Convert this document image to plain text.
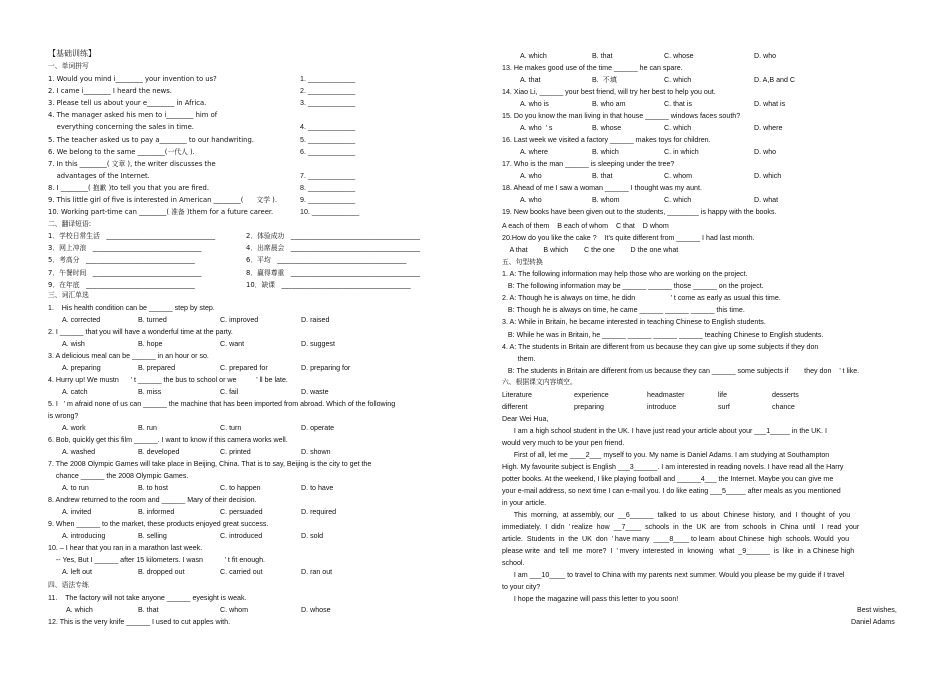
【基础训练】
一、单词拼写
1. Would you mind i________ your invention to us?	1. ____________
2. I came i________ I heard the news.	2. ____________
3. Please tell us about your e________ in Africa.	3. ____________
4. The manager asked his men to i________ him of
everything concerning the sales in time.	4. ____________
5. The teacher asked us to pay a________ to our handwriting.	5. ____________
6. We belong to the same ________(一代人 ).	6. ____________
7. In this ________( 文章 ), the writer discusses the
advantages of the Internet.	7. ____________
8. I ________( 抱歉 )to tell you that you are fired.	8. ____________
9. This little girl of five is interested in American ________(      文学 ).	9. ____________
10. Working part-time can ________( 准备 )them for a future career.	10. ____________
二、翻译短语:
1．学校日常生活   ________________________________	2．体验成功   ______________________________________
3．网上冲浪   ________________________________	4．出席晨会   ______________________________________
5．考高分   ________________________________	6．平均   ______________________________________
7．午餐时间   ________________________________	8．赢得尊重   ______________________________________
9．在年底   ________________________________	10．缺课   ______________________________________
三、词汇单选
1.    His health condition can be ______ step by step.
A. corrected	B. turned	C. improved	D. raised
2. I ______ that you will have a wonderful time at the party.
A. wish	B. hope	C. want	D. suggest
3. A delicious meal can be ______ in an hour or so.
A. preparing	B. prepared	C. prepared for	D. preparing for
4. Hurry up! We mustn      ’ t ______ the bus to school or we          ’ ll be late.
A. catch	B. miss	C. fail	D. waste
5. I   ’ m afraid none of us can ______ the machine that has been imported from abroad. Which of the following
is wrong?
A. work	B. run	C. turn	D. operate
6. Bob, quickly get this film ______. I want to know if this camera works well.
A. washed	B. developed	C. printed	D. shown
7. The 2008 Olympic Games will take place in Beijing, China. That is to say, Beijing is the city to get the
chance ______ the 2008 Olympic Games.
A. to run	B. to host	C. to happen	D. to have
8. Andrew returned to the room and ______ Mary of their decision.
A. invited	B. informed	C. persuaded	D. required
9. When ______ to the market, these products enjoyed great success.
A. introducing	B. selling	C. introduced	D. sold
10. – I hear that you ran in a marathon last week.
-- Yes, But I ______ after 15 kilometers. I wasn           ’ t fit enough.
A. left out	B. dropped out	C. carried out	D. ran out
四、语法专练
11.    The factory will not take anyone ______ eyesight is weak.
A. which	B. that	C. whom	D. whose
12. This is the very knife ______ I used to cut apples with.
A. which	B. that	C. whose	D. who
13. He makes good use of the time ______ he can spare.
A. that	B.  不填	C. which	D. A,B and C
14. Xiao Li, ______ your best friend, will try her best to help you out.
A. who is	B. who am	C. that is	D. what is
15. Do you know the man living in that house ______ windows faces south?
A. who  ’ s	B. whose	C. which	D. where
16. Last week we visited a factory ______ makes toys for children.
A. where	B. which	C. in which	D. who
17. Who is the man ______ is sleeping under the tree?
A. who	B. that	C. whom	D. which
18. Ahead of me I saw a woman ______ I thought was my aunt.
A. who	B. whom	C. which	D. what
19. New books have been given out to the students, ________ is happy with the books.
A each of them    B each of whom    C that    D whom
20.How do you like the cake ?    It’s quite different from ______ I had last month.
A that        B which        C the one        D the one what
五、句型转换
1. A: The following information may help those who are working on the project.
B: The following information may be ______ ______ those ______ on the project.
2. A: Though he is always on time, he didn                  ’ t come as early as usual this time.
B: Though he is always on time, he came ______ ______ ______ this time.
3. A: While in Britain, he became interested in teaching Chinese to English students.
B: While he was in Britain, he ______ ______ ______ ______ teaching Chinese to English students.
4. A: The students in Britain are different from us because they can give up some subjects if they don
them.
B: The students in Britain are different from us because they can ______ some subjects if        they don    ’ t like.
六、根据课文内容填空。
Literature	experience	headmaster	life	desserts
different	preparing	introduce	surf	chance
Dear Wei Hua,
I am a high school student in the UK. I have just read your article about your ___1_____ in the UK. I
would very much to be your pen friend.
First of all, let me ____2___ myself to you. My name is Daniel Adams. I am studying at Southampton
High. My favourite subject is English ___3______. I am interested in reading novels. I have read all the Harry
potter books. At the weekend, I like playing football and ______4___ the Internet. Maybe you can give me
your e-mail address, so next time I can e-mail you. I do like eating ___5_____ after meals as you mentioned
in your article.
This  morning,  at assembly, our  __6______  talked  to  us  about  Chinese  history,  and  I  thought  of  you
immediately.  I  didn  ’ realize  how  __7____  schools  in  the  UK  are  from  schools  in  China  until   I  read  your
article.  Students  in  the  UK  don  ’ have many  ____8____ to learn  about Chinese  high  schools. Would  you
please write  and  tell  me  more?  I  ’ mvery  interested  in  knowing   what  _9______  is  like  in  a Chinese high
school.
I am ___10____ to travel to China with my parents next summer. Would you please be my guide if I travel
to your city?
I hope the magazine will pass this letter to you soon!
Best wishes,
Daniel Adams
